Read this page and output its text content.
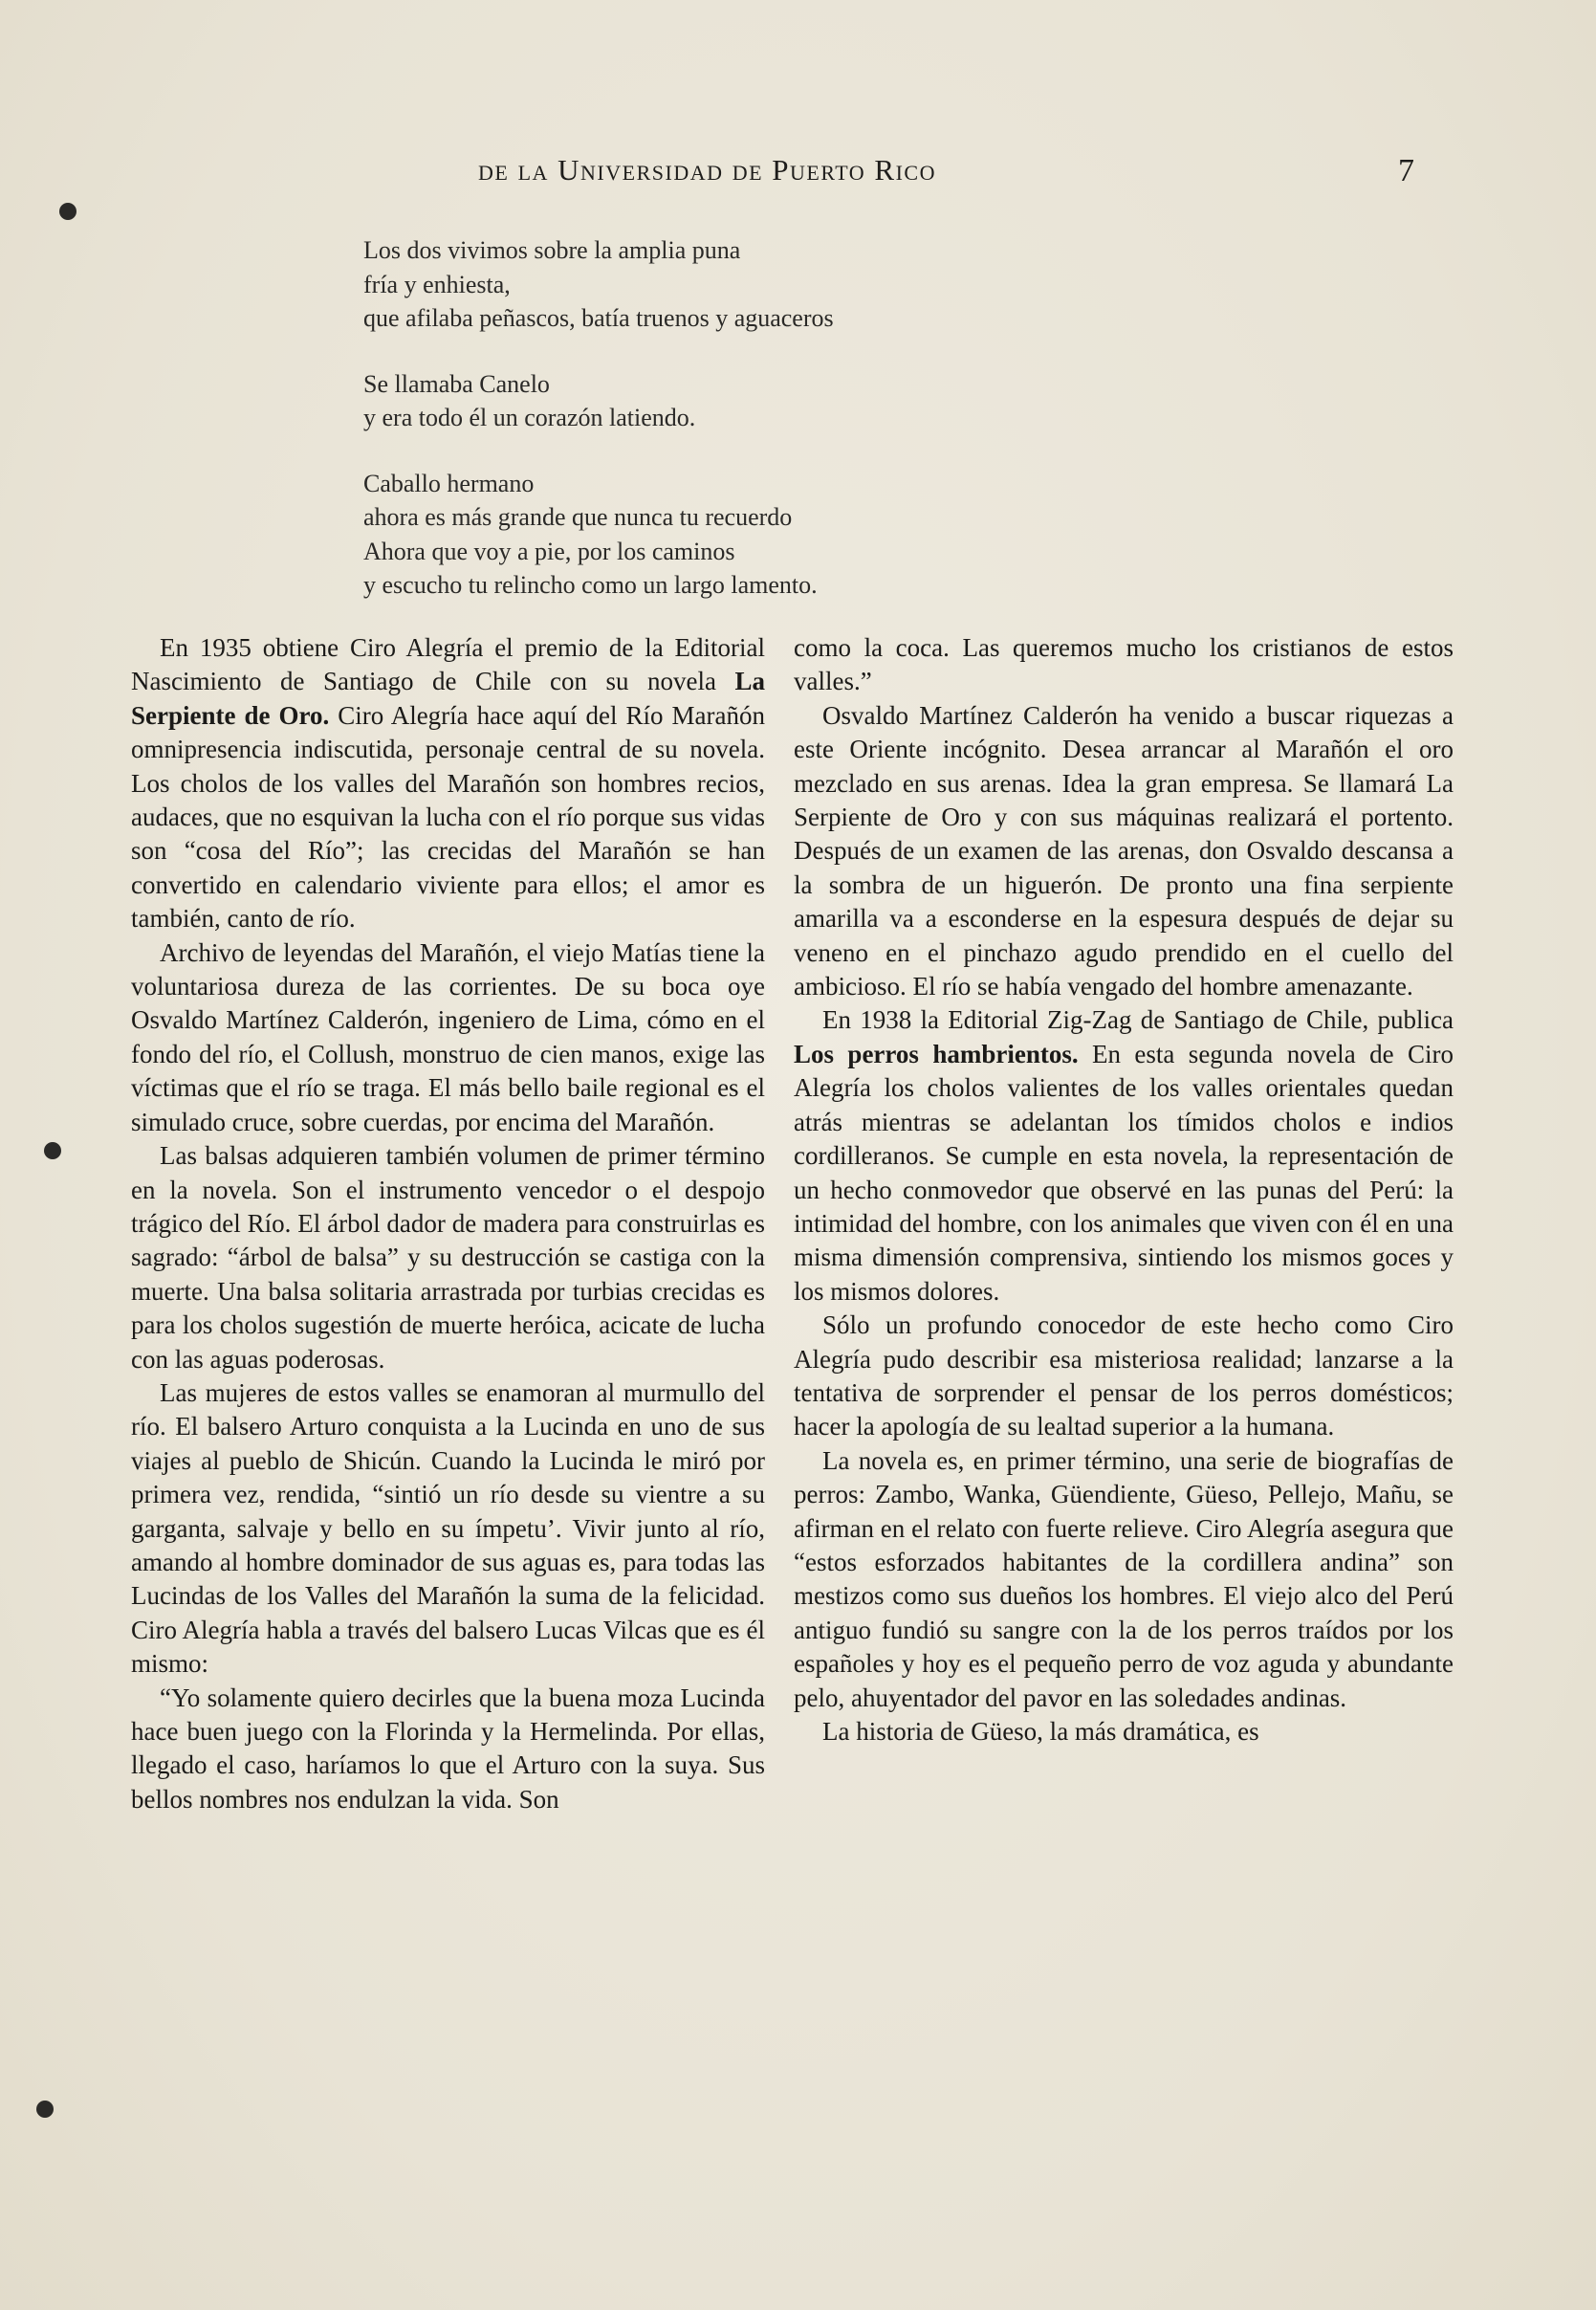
de la Universidad de Puerto Rico	7
Los dos vivimos sobre la amplia puna
fría y enhiesta,
que afilaba peñascos, batía truenos y aguaceros
Se llamaba Canelo
y era todo él un corazón latiendo.
Caballo hermano
ahora es más grande que nunca tu recuerdo
Ahora que voy a pie, por los caminos
y escucho tu relincho como un largo lamento.

En 1935 obtiene Ciro Alegría el premio de la Editorial Nascimiento de Santiago de Chile con su novela La Serpiente de Oro. Ciro Alegría hace aquí del Río Marañón omnipresencia indiscutida, personaje central de su novela. Los cholos de los valles del Marañón son hombres recios, audaces, que no esquivan la lucha con el río porque sus vidas son “cosa del Río”; las crecidas del Marañón se han convertido en calendario viviente para ellos; el amor es también, canto de río.

Archivo de leyendas del Marañón, el viejo Matías tiene la voluntariosa dureza de las corrientes. De su boca oye Osvaldo Martínez Calderón, ingeniero de Lima, cómo en el fondo del río, el Collush, monstruo de cien manos, exige las víctimas que el río se traga. El más bello baile regional es el simulado cruce, sobre cuerdas, por encima del Marañón.

Las balsas adquieren también volumen de primer término en la novela. Son el instrumento vencedor o el despojo trágico del Río. El árbol dador de madera para construirlas es sagrado: “árbol de balsa” y su destrucción se castiga con la muerte. Una balsa solitaria arrastrada por turbias crecidas es para los cholos sugestión de muerte heróica, acicate de lucha con las aguas poderosas.

Las mujeres de estos valles se enamoran al murmullo del río. El balsero Arturo conquista a la Lucinda en uno de sus viajes al pueblo de Shicún. Cuando la Lucinda le miró por primera vez, rendida, “sintió un río desde su vientre a su garganta, salvaje y bello en su ímpetu’. Vivir junto al río, amando al hombre dominador de sus aguas es, para todas las Lucindas de los Valles del Marañón la suma de la felicidad. Ciro Alegría habla a través del balsero Lucas Vilcas que es él mismo:

“Yo solamente quiero decirles que la buena moza Lucinda hace buen juego con la Florinda y la Hermelinda. Por ellas, llegado el caso, haríamos lo que el Arturo con la suya. Sus bellos nombres nos endulzan la vida. Son

como la coca. Las queremos mucho los cristianos de estos valles.”

Osvaldo Martínez Calderón ha venido a buscar riquezas a este Oriente incógnito. Desea arrancar al Marañón el oro mezclado en sus arenas. Idea la gran empresa. Se llamará La Serpiente de Oro y con sus máquinas realizará el portento. Después de un examen de las arenas, don Osvaldo descansa a la sombra de un higuerón. De pronto una fina serpiente amarilla va a esconderse en la espesura después de dejar su veneno en el pinchazo agudo prendido en el cuello del ambicioso. El río se había vengado del hombre amenazante.

En 1938 la Editorial Zig-Zag de Santiago de Chile, publica Los perros hambrientos. En esta segunda novela de Ciro Alegría los cholos valientes de los valles orientales quedan atrás mientras se adelantan los tímidos cholos e indios cordilleranos. Se cumple en esta novela, la representación de un hecho conmovedor que observé en las punas del Perú: la intimidad del hombre, con los animales que viven con él en una misma dimensión comprensiva, sintiendo los mismos goces y los mismos dolores.

Sólo un profundo conocedor de este hecho como Ciro Alegría pudo describir esa misteriosa realidad; lanzarse a la tentativa de sorprender el pensar de los perros domésticos; hacer la apología de su lealtad superior a la humana.

La novela es, en primer término, una serie de biografías de perros: Zambo, Wanka, Güendiente, Güeso, Pellejo, Mañu, se afirman en el relato con fuerte relieve. Ciro Alegría asegura que “estos esforzados habitantes de la cordillera andina” son mestizos como sus dueños los hombres. El viejo alco del Perú antiguo fundió su sangre con la de los perros traídos por los españoles y hoy es el pequeño perro de voz aguda y abundante pelo, ahuyentador del pavor en las soledades andinas.

La historia de Güeso, la más dramática, es
